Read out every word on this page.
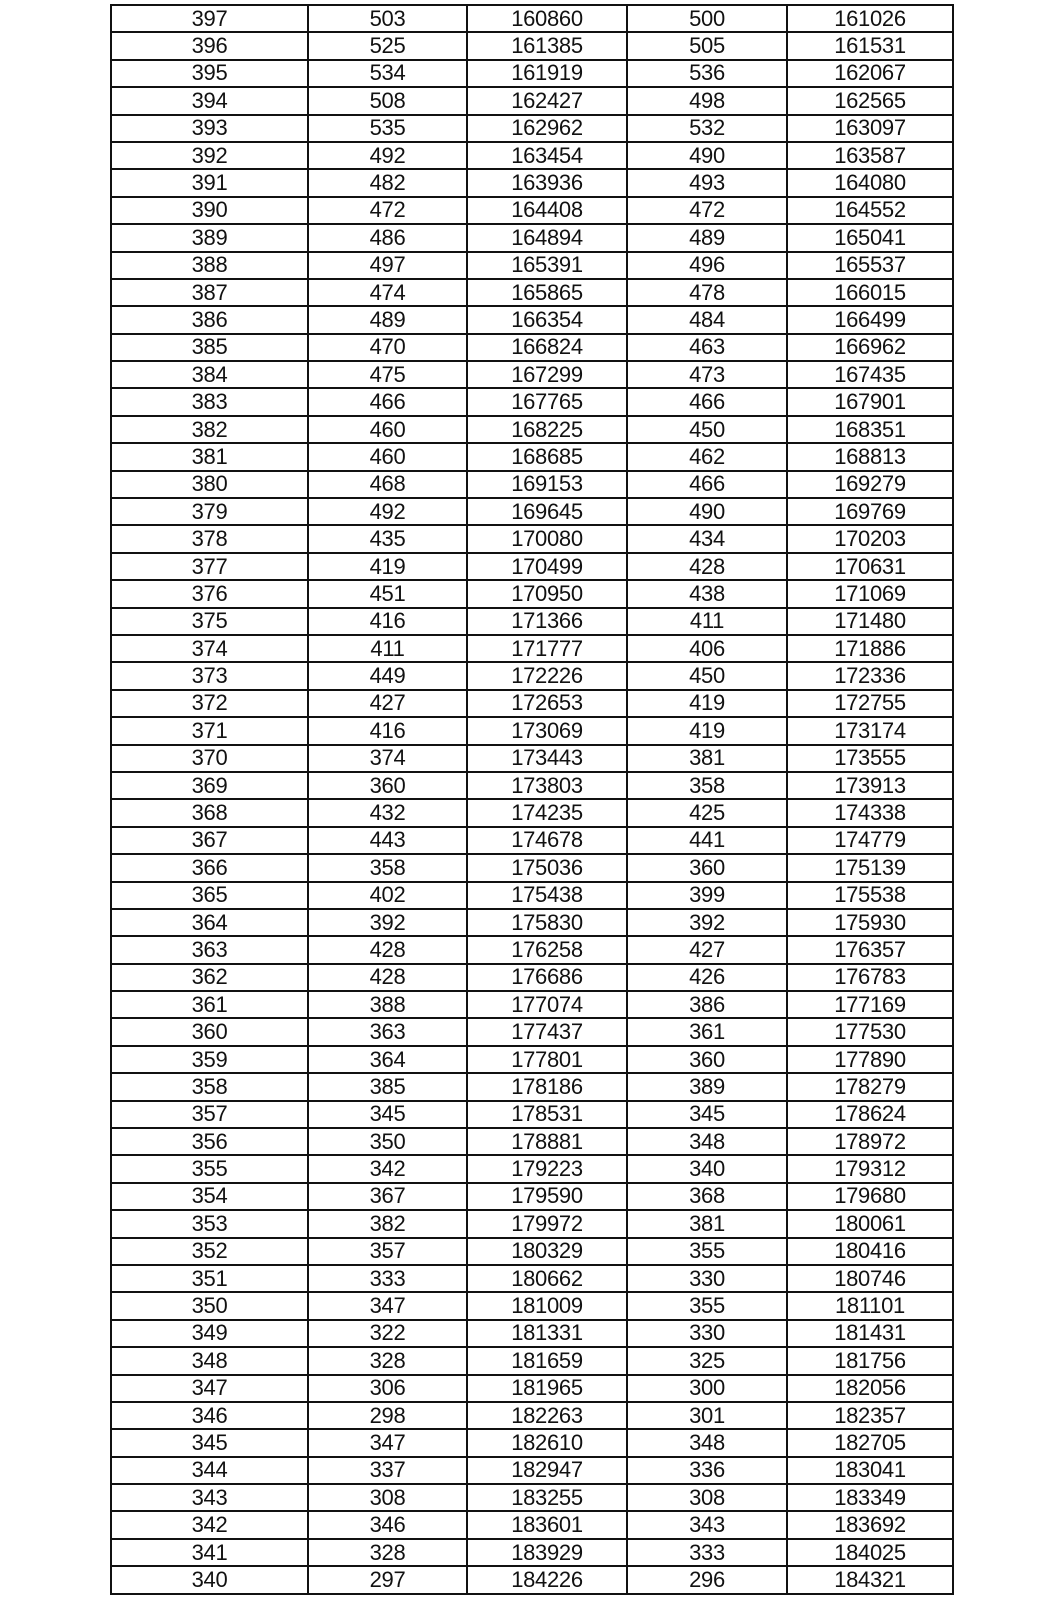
397	503	160860	500	161026
396	525	161385	505	161531
395	534	161919	536	162067
394	508	162427	498	162565
393	535	162962	532	163097
392	492	163454	490	163587
391	482	163936	493	164080
390	472	164408	472	164552
389	486	164894	489	165041
388	497	165391	496	165537
387	474	165865	478	166015
386	489	166354	484	166499
385	470	166824	463	166962
384	475	167299	473	167435
383	466	167765	466	167901
382	460	168225	450	168351
381	460	168685	462	168813
380	468	169153	466	169279
379	492	169645	490	169769
378	435	170080	434	170203
377	419	170499	428	170631
376	451	170950	438	171069
375	416	171366	411	171480
374	411	171777	406	171886
373	449	172226	450	172336
372	427	172653	419	172755
371	416	173069	419	173174
370	374	173443	381	173555
369	360	173803	358	173913
368	432	174235	425	174338
367	443	174678	441	174779
366	358	175036	360	175139
365	402	175438	399	175538
364	392	175830	392	175930
363	428	176258	427	176357
362	428	176686	426	176783
361	388	177074	386	177169
360	363	177437	361	177530
359	364	177801	360	177890
358	385	178186	389	178279
357	345	178531	345	178624
356	350	178881	348	178972
355	342	179223	340	179312
354	367	179590	368	179680
353	382	179972	381	180061
352	357	180329	355	180416
351	333	180662	330	180746
350	347	181009	355	181101
349	322	181331	330	181431
348	328	181659	325	181756
347	306	181965	300	182056
346	298	182263	301	182357
345	347	182610	348	182705
344	337	182947	336	183041
343	308	183255	308	183349
342	346	183601	343	183692
341	328	183929	333	184025
340	297	184226	296	184321
